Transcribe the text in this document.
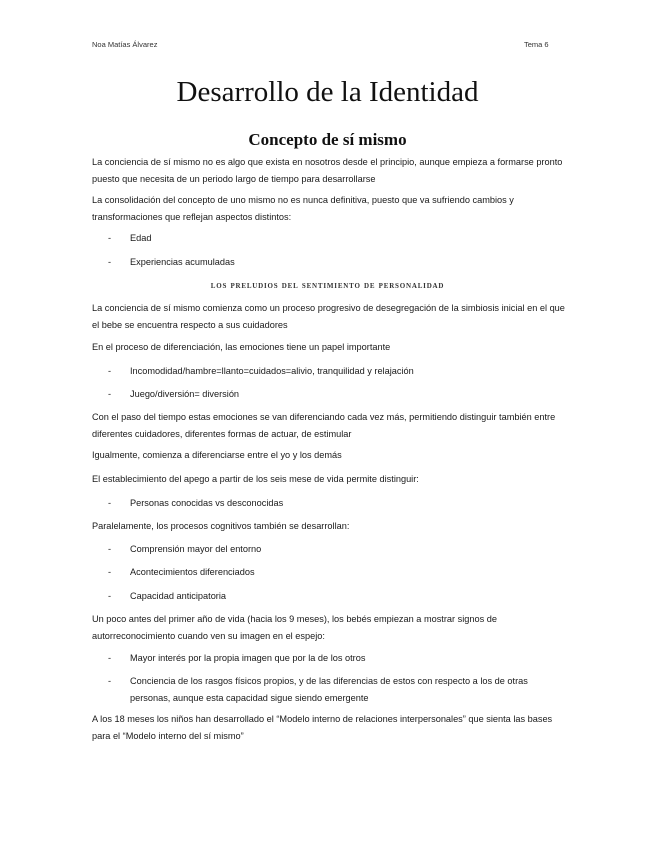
Noa Matías Álvarez	Tema 6
Desarrollo de la Identidad
Concepto de sí mismo

La conciencia de sí mismo no es algo que exista en nosotros desde el principio, aunque empieza a formarse pronto puesto que necesita de un periodo largo de tiempo para desarrollarse

La consolidación del concepto de uno mismo no es nunca definitiva, puesto que va sufriendo cambios y transformaciones que reflejan aspectos distintos:

- Edad
- Experiencias acumuladas
los preludios del sentimiento de personalidad

La conciencia de sí mismo comienza como un proceso progresivo de desegregación de la simbiosis inicial en el que el bebe se encuentra respecto a sus cuidadores

En el proceso de diferenciación, las emociones tiene un papel importante

- Incomodidad/hambre=llanto=cuidados=alivio, tranquilidad y relajación
- Juego/diversión= diversión

Con el paso del tiempo estas emociones se van diferenciando cada vez más, permitiendo distinguir también entre diferentes cuidadores, diferentes formas de actuar, de estimular

Igualmente, comienza a diferenciarse entre el yo y los demás

El establecimiento del apego a partir de los seis mese de vida permite distinguir:

- Personas conocidas vs desconocidas

Paralelamente, los procesos cognitivos también se desarrollan:

- Comprensión mayor del entorno
- Acontecimientos diferenciados
- Capacidad anticipatoria

Un poco antes del primer año de vida (hacia los 9 meses), los bebés empiezan a mostrar signos de autorreconocimiento cuando ven su imagen en el espejo:

- Mayor interés por la propia imagen que por la de los otros
- Conciencia de los rasgos físicos propios, y de las diferencias de estos con respecto a los de otras personas, aunque esta capacidad sigue siendo emergente

A los 18 meses los niños han desarrollado el “Modelo interno de relaciones interpersonales” que sienta las bases para el “Modelo interno del sí mismo”
